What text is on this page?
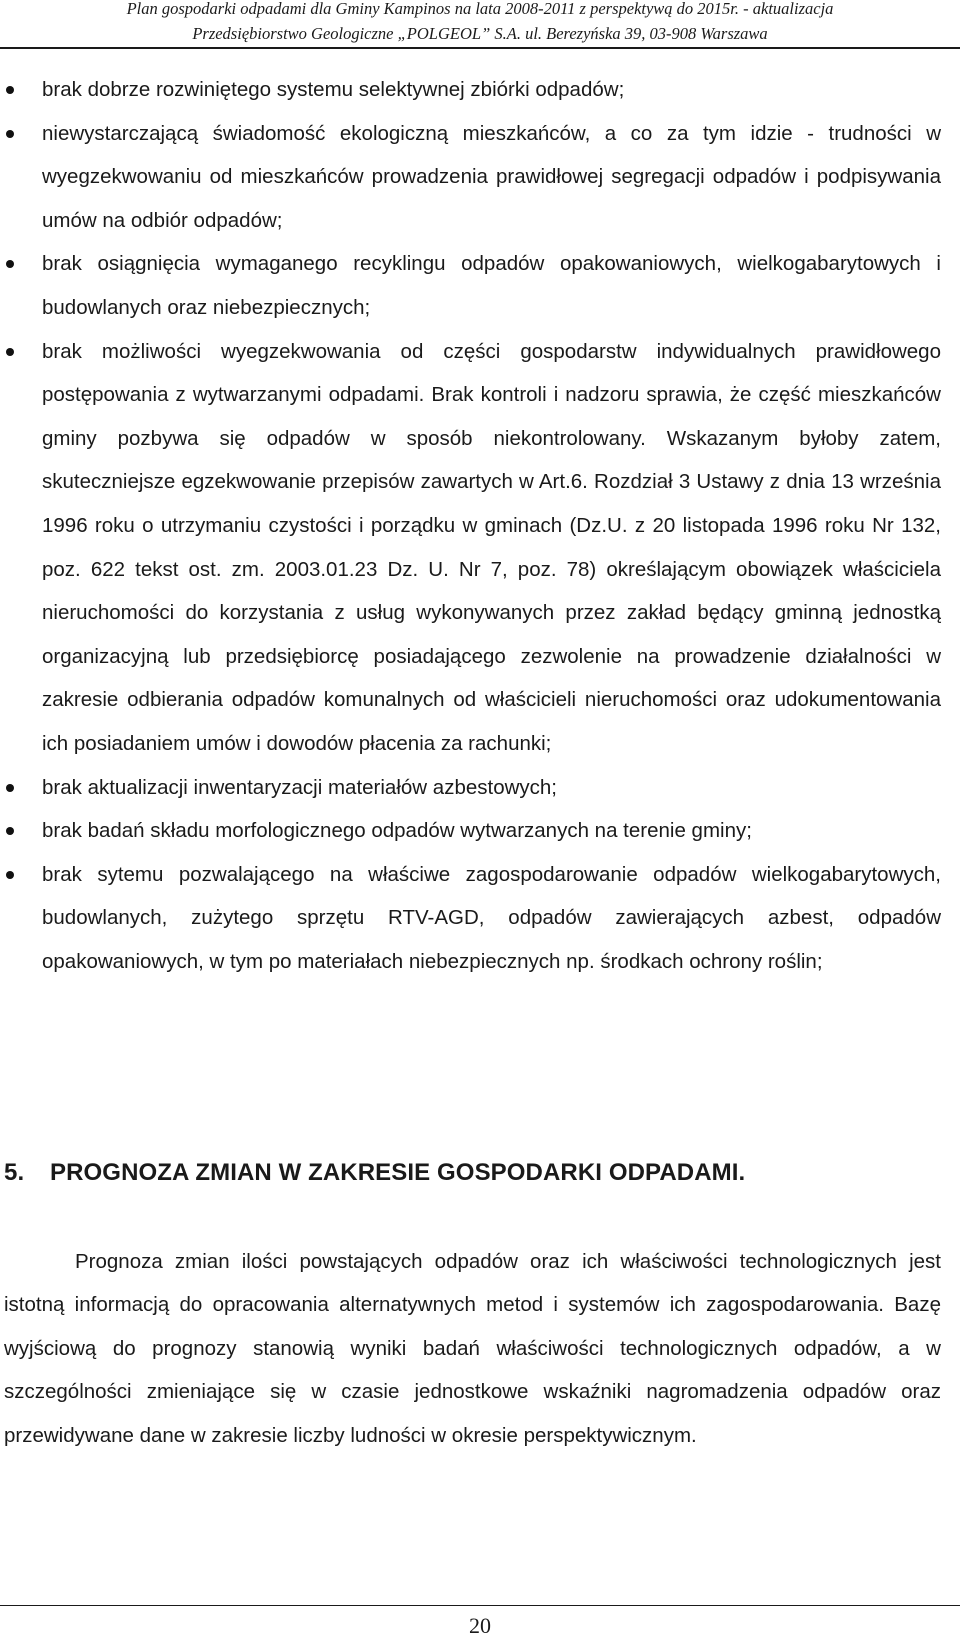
Plan gospodarki odpadami dla Gminy Kampinos na lata 2008-2011 z perspektywą do 2015r. - aktualizacja
Przedsiębiorstwo Geologiczne „POLGEOL” S.A. ul. Berezyńska 39, 03-908 Warszawa
brak dobrze rozwiniętego systemu selektywnej zbiórki odpadów;
niewystarczającą świadomość ekologiczną mieszkańców, a co za tym idzie - trudności w wyegzekwowaniu od mieszkańców prowadzenia prawidłowej segregacji odpadów i podpisywania umów na odbiór odpadów;
brak osiągnięcia wymaganego recyklingu odpadów opakowaniowych, wielkogabarytowych i budowlanych oraz niebezpiecznych;
brak możliwości wyegzekwowania od części gospodarstw indywidualnych prawidłowego postępowania z wytwarzanymi odpadami. Brak kontroli i nadzoru sprawia, że część mieszkańców gminy pozbywa się odpadów w sposób niekontrolowany. Wskazanym byłoby zatem, skuteczniejsze egzekwowanie przepisów zawartych w Art.6. Rozdział 3 Ustawy z dnia 13 września 1996 roku o utrzymaniu czystości i porządku w gminach (Dz.U. z 20 listopada 1996 roku Nr 132, poz. 622 tekst ost. zm. 2003.01.23 Dz. U. Nr 7, poz. 78) określającym obowiązek właściciela nieruchomości do korzystania z usług wykonywanych przez zakład będący gminną jednostką organizacyjną lub przedsiębiorcę posiadającego zezwolenie na prowadzenie działalności w zakresie odbierania odpadów komunalnych od właścicieli nieruchomości oraz udokumentowania ich posiadaniem umów i dowodów płacenia za rachunki;
brak aktualizacji inwentaryzacji materiałów azbestowych;
brak badań składu morfologicznego odpadów wytwarzanych na terenie gminy;
brak sytemu pozwalającego na właściwe zagospodarowanie odpadów wielkogabarytowych, budowlanych, zużytego sprzętu RTV-AGD, odpadów zawierających azbest, odpadów opakowaniowych, w tym po materiałach niebezpiecznych np. środkach ochrony roślin;
5. PROGNOZA ZMIAN W ZAKRESIE GOSPODARKI ODPADAMI.

Prognoza zmian ilości powstających odpadów oraz ich właściwości technologicznych jest istotną informacją do opracowania alternatywnych metod i systemów ich zagospodarowania. Bazę wyjściową do prognozy stanowią wyniki badań właściwości technologicznych odpadów, a w szczególności zmieniające się w czasie jednostkowe wskaźniki nagromadzenia odpadów oraz przewidywane dane w zakresie liczby ludności w okresie perspektywicznym.

20
